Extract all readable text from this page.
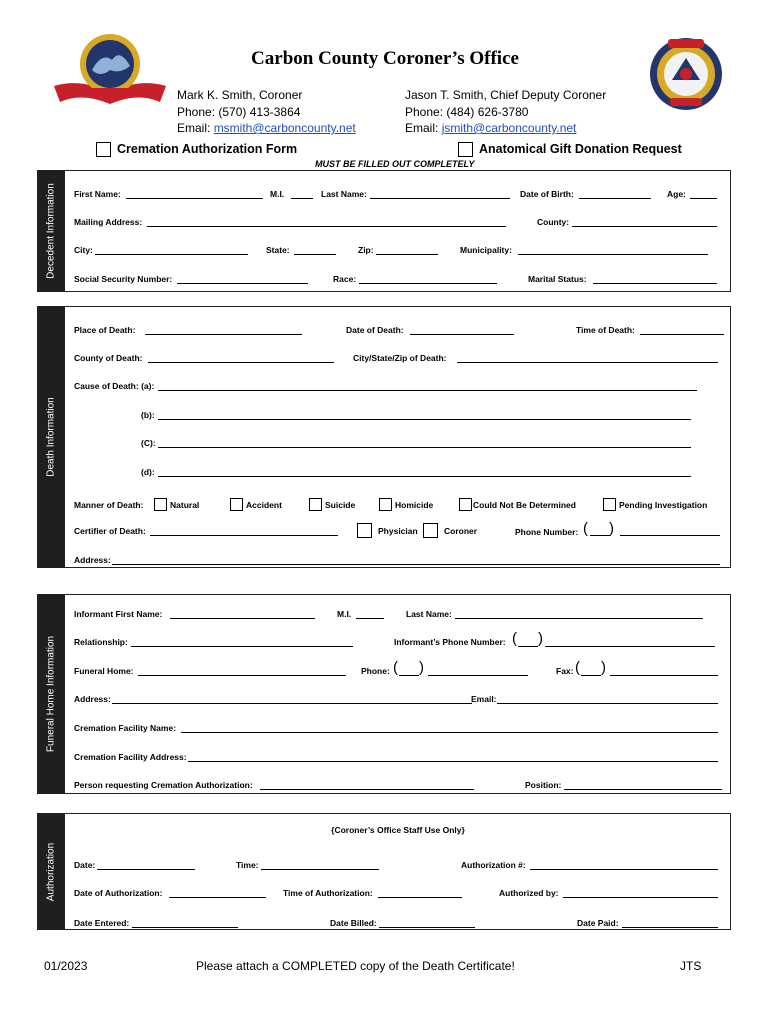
Carbon County Coroner’s Office
Mark K. Smith, Coroner
Phone: (570) 413-3864
Email: msmith@carboncounty.net
Jason T. Smith, Chief Deputy Coroner
Phone: (484) 626-3780
Email: jsmith@carboncounty.net
Cremation Authorization Form	Anatomical Gift Donation Request
MUST BE FILLED OUT COMPLETELY
Decedent Information First Name:	M.I.	Last Name:	Date of Birth:	Age:
Mailing Address:	County:
City:	State:	Zip:	Municipality:
Social Security Number:	Race:	Marital Status:
Death Information
Place of Death:	Date of Death:	Time of Death:
County of Death:	City/State/Zip of Death:
Cause of Death: (a):
(b):
(C):
(d):
Manner of Death:	Natural	Accident	Suicide	Homicide	Could Not Be Determined	Pending Investigation
Certifier of Death:	Physician	Coroner	Phone Number: ( )
Address:
Funeral Home Information
Informant First Name:	M.I.	Last Name:
Relationship:	Informant’s Phone Number: ( )
Funeral Home:	Phone: ( )	Fax: ( )
Address:	Email:
Cremation Facility Name:
Cremation Facility Address:
Person requesting Cremation Authorization:	Position:
Authorization
{Coroner’s Office Staff Use Only}
Date:	Time:	Authorization #:
Date of Authorization:	Time of Authorization:	Authorized by:
Date Entered:	Date Billed:	Date Paid:
01/2023	Please attach a COMPLETED copy of the Death Certificate!	JTS
